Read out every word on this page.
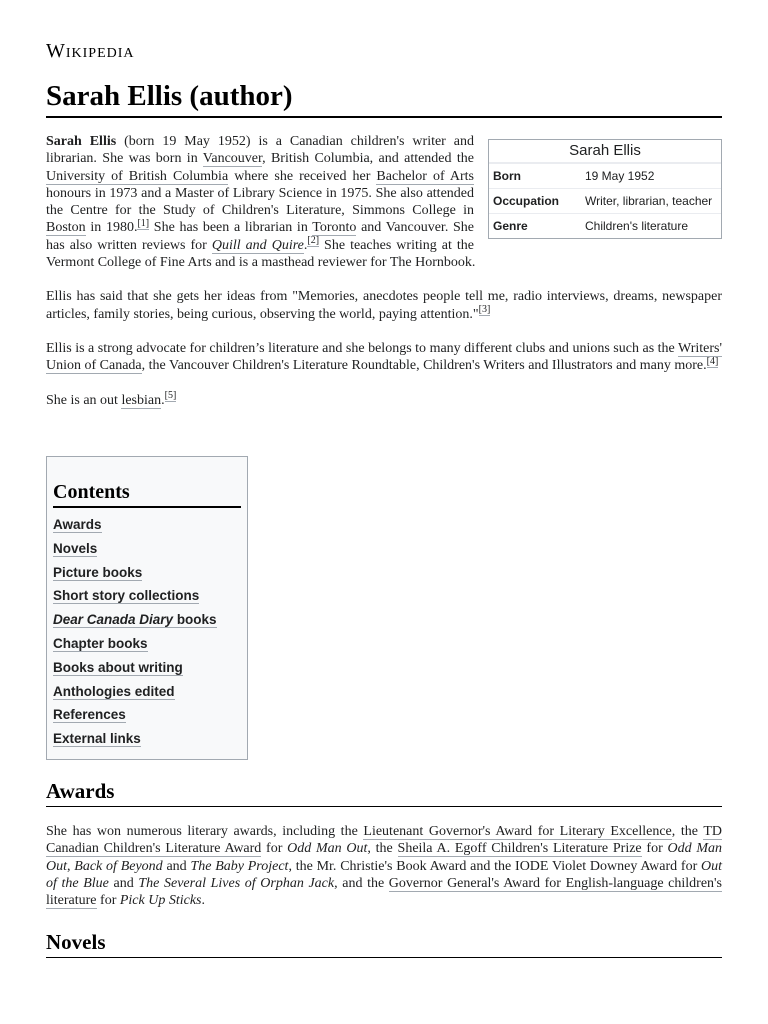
Wikipedia
Sarah Ellis (author)
Sarah Ellis
Born	19 May 1952
Occupation	Writer, librarian, teacher
Genre	Children's literature

Sarah Ellis (born 19 May 1952) is a Canadian children's writer and librarian. She was born in Vancouver, British Columbia, and attended the University of British Columbia where she received her Bachelor of Arts honours in 1973 and a Master of Library Science in 1975. She also attended the Centre for the Study of Children's Literature, Simmons College in Boston in 1980.[1] She has been a librarian in Toronto and Vancouver. She has also written reviews for Quill and Quire.[2] She teaches writing at the Vermont College of Fine Arts and is a masthead reviewer for The Hornbook.

Ellis has said that she gets her ideas from "Memories, anecdotes people tell me, radio interviews, dreams, newspaper articles, family stories, being curious, observing the world, paying attention."[3]

Ellis is a strong advocate for children’s literature and she belongs to many different clubs and unions such as the Writers' Union of Canada, the Vancouver Children's Literature Roundtable, Children's Writers and Illustrators and many more.[4]

She is an out lesbian.[5]

Contents
Awards
Novels
Picture books
Short story collections
Dear Canada Diary books
Chapter books
Books about writing
Anthologies edited
References
External links
Awards

She has won numerous literary awards, including the Lieutenant Governor's Award for Literary Excellence, the TD Canadian Children's Literature Award for Odd Man Out, the Sheila A. Egoff Children's Literature Prize for Odd Man Out, Back of Beyond and The Baby Project, the Mr. Christie's Book Award and the IODE Violet Downey Award for Out of the Blue and The Several Lives of Orphan Jack, and the Governor General's Award for English-language children's literature for Pick Up Sticks.

Novels
